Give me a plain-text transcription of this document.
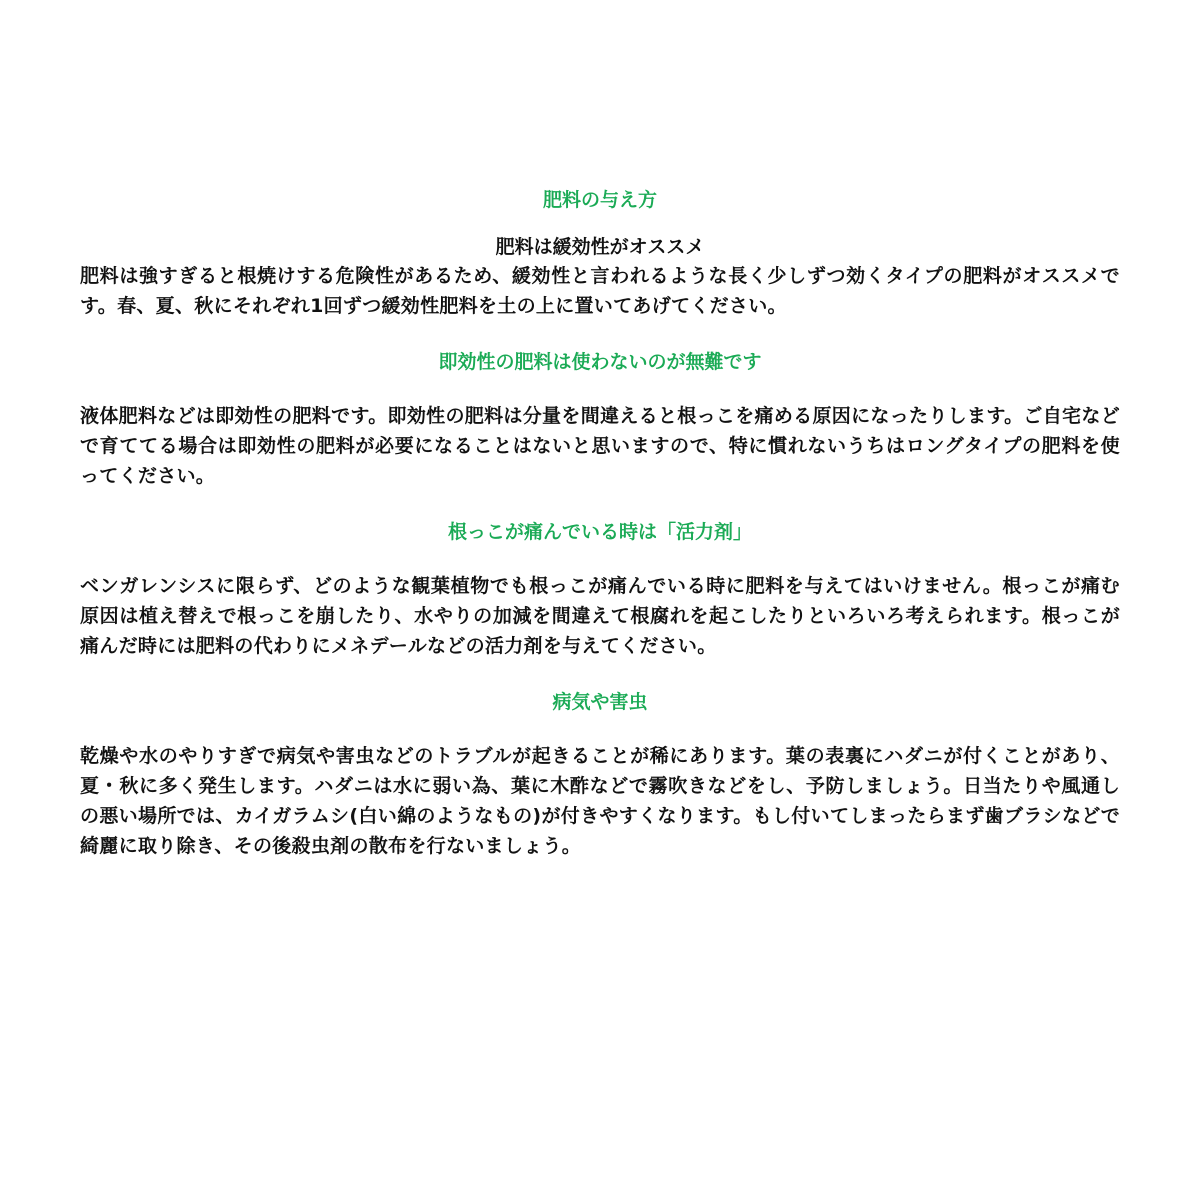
肥料の与え方
肥料は緩効性がオススメ

肥料は強すぎると根焼けする危険性があるため、緩効性と言われるような長く少しずつ効くタイプの肥料がオススメです。春、夏、秋にそれぞれ1回ずつ緩効性肥料を土の上に置いてあげてください。

即効性の肥料は使わないのが無難です

液体肥料などは即効性の肥料です。即効性の肥料は分量を間違えると根っこを痛める原因になったりします。ご自宅などで育ててる場合は即効性の肥料が必要になることはないと思いますので、特に慣れないうちはロングタイプの肥料を使ってください。

根っこが痛んでいる時は「活力剤」

ベンガレンシスに限らず、どのような観葉植物でも根っこが痛んでいる時に肥料を与えてはいけません。根っこが痛む原因は植え替えで根っこを崩したり、水やりの加減を間違えて根腐れを起こしたりといろいろ考えられます。根っこが痛んだ時には肥料の代わりにメネデールなどの活力剤を与えてください。

病気や害虫

乾燥や水のやりすぎで病気や害虫などのトラブルが起きることが稀にあります。葉の表裏にハダニが付くことがあり、夏・秋に多く発生します。ハダニは水に弱い為、葉に木酢などで霧吹きなどをし、予防しましょう。日当たりや風通しの悪い場所では、カイガラムシ(白い綿のようなもの)が付きやすくなります。もし付いてしまったらまず歯ブラシなどで綺麗に取り除き、その後殺虫剤の散布を行ないましょう。
